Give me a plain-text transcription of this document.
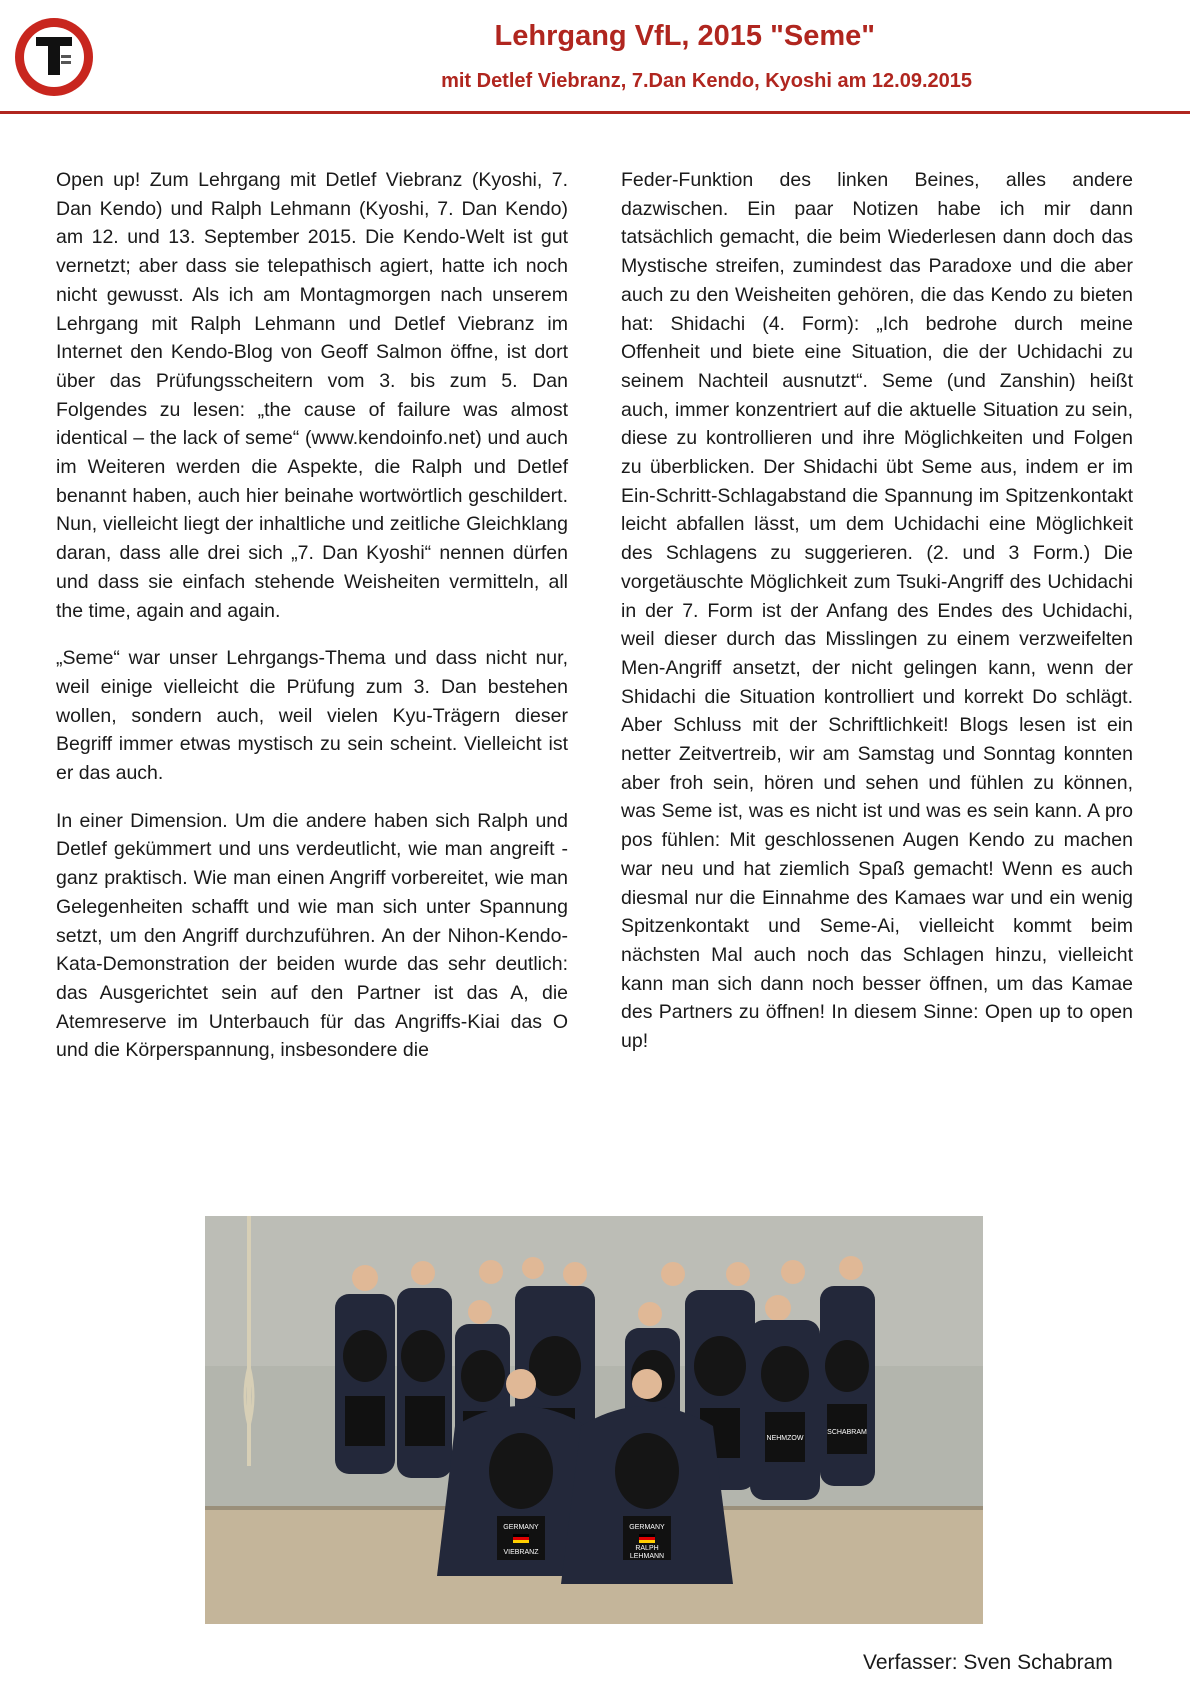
Lehrgang VfL, 2015 "Seme"
mit Detlef Viebranz, 7.Dan Kendo, Kyoshi am 12.09.2015

Open up! Zum Lehrgang mit Detlef Viebranz (Kyoshi, 7. Dan Kendo) und Ralph Lehmann (Kyoshi, 7. Dan Kendo) am 12. und 13. September 2015. Die Kendo-Welt ist gut vernetzt; aber dass sie telepathisch agiert, hatte ich noch nicht gewusst. Als ich am Montagmorgen nach unserem Lehrgang mit Ralph Lehmann und Detlef Viebranz im Internet den Kendo-Blog von Geoff Salmon öffne, ist dort über das Prüfungsscheitern vom 3. bis zum 5. Dan Folgendes zu lesen: „the cause of failure was almost identical – the lack of seme“ (www.kendoinfo.net) und auch im Weiteren werden die Aspekte, die Ralph und Detlef benannt haben, auch hier beinahe wortwörtlich geschildert. Nun, vielleicht liegt der inhaltliche und zeitliche Gleichklang daran, dass alle drei sich „7. Dan Kyoshi“ nennen dürfen und dass sie einfach stehende Weisheiten vermitteln, all the time, again and again.

„Seme“ war unser Lehrgangs-Thema und dass nicht nur, weil einige vielleicht die Prüfung zum 3. Dan bestehen wollen, sondern auch, weil vielen Kyu-Trägern dieser Begriff immer etwas mystisch zu sein scheint. Vielleicht ist er das auch.

In einer Dimension. Um die andere haben sich Ralph und Detlef gekümmert und uns verdeutlicht, wie man angreift - ganz praktisch. Wie man einen Angriff vorbereitet, wie man Gelegenheiten schafft und wie man sich unter Spannung setzt, um den Angriff durchzuführen. An der Nihon-Kendo-Kata-Demonstration der beiden wurde das sehr deutlich: das Ausgerichtet sein auf den Partner ist das A, die Atemreserve im Unterbauch für das Angriffs-Kiai das O und die Körperspannung, insbesondere die

Feder-Funktion des linken Beines, alles andere dazwischen. Ein paar Notizen habe ich mir dann tatsächlich gemacht, die beim Wiederlesen dann doch das Mystische streifen, zumindest das Paradoxe und die aber auch zu den Weisheiten gehören, die das Kendo zu bieten hat: Shidachi (4. Form): „Ich bedrohe durch meine Offenheit und biete eine Situation, die der Uchidachi zu seinem Nachteil ausnutzt“. Seme (und Zanshin) heißt auch, immer konzentriert auf die aktuelle Situation zu sein, diese zu kontrollieren und ihre Möglichkeiten und Folgen zu überblicken. Der Shidachi übt Seme aus, indem er im Ein-Schritt-Schlagabstand die Spannung im Spitzenkontakt leicht abfallen lässt, um dem Uchidachi eine Möglichkeit des Schlagens zu suggerieren. (2. und 3 Form.) Die vorgetäuschte Möglichkeit zum Tsuki-Angriff des Uchidachi in der 7. Form ist der Anfang des Endes des Uchidachi, weil dieser durch das Misslingen zu einem verzweifelten Men-Angriff ansetzt, der nicht gelingen kann, wenn der Shidachi die Situation kontrolliert und korrekt Do schlägt. Aber Schluss mit der Schriftlichkeit! Blogs lesen ist ein netter Zeitvertreib, wir am Samstag und Sonntag konnten aber froh sein, hören und sehen und fühlen zu können, was Seme ist, was es nicht ist und was es sein kann. A pro pos fühlen: Mit geschlossenen Augen Kendo zu machen war neu und hat ziemlich Spaß gemacht! Wenn es auch diesmal nur die Einnahme des Kamaes war und ein wenig Spitzenkontakt und Seme-Ai, vielleicht kommt beim nächsten Mal auch noch das Schlagen hinzu, vielleicht kann man sich dann noch besser öffnen, um das Kamae des Partners zu öffnen! In diesem Sinne: Open up to open up!

NEHMZOW
SCHABRAM
GERMANY
VIEBRANZ
GERMANY
RALPH
LEHMANN

Verfasser: Sven Schabram
